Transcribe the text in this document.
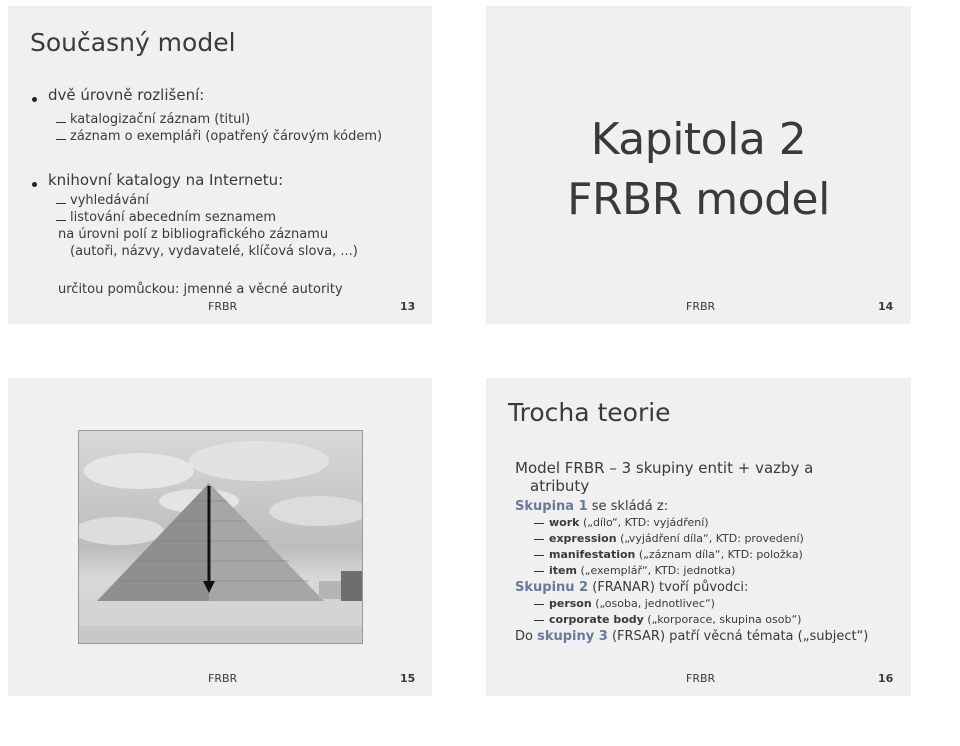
Současný model
dvě úrovně rozlišení:
katalogizační záznam (titul)
záznam o exempláři (opatřený čárovým kódem)
knihovní katalogy na Internetu:
vyhledávání
listování abecedním seznamem
na úrovni polí z bibliografického záznamu
(autoři, názvy, vydavatelé, klíčová slova, ...)
určitou pomůckou: jmenné a věcné autority
FRBR	13
Kapitola 2
FRBR model
FRBR	14
FRBR	15
Trocha teorie
Model FRBR – 3 skupiny entit + vazby a
atributy
Skupina 1 se skládá z:
work („dílo“, KTD: vyjádření)
expression („vyjádření díla“, KTD: provedení)
manifestation („záznam díla“, KTD: položka)
item („exemplář“, KTD: jednotka)
Skupinu 2 (FRANAR) tvoří původci:
person („osoba, jednotlivec“)
corporate body („korporace, skupina osob“)
Do skupiny 3 (FRSAR) patří věcná témata („subject“)
FRBR	16
